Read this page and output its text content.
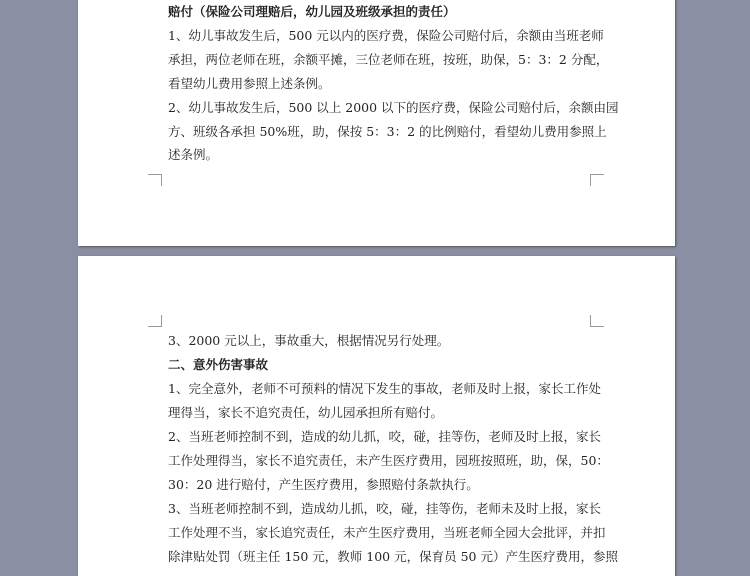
赔付（保险公司理赔后，幼儿园及班级承担的责任）
1、幼儿事故发生后，500 元以内的医疗费，保险公司赔付后，余额由当班老师
承担，两位老师在班，余额平摊，三位老师在班，按班，助保，5：3：2 分配，
看望幼儿费用参照上述条例。
2、幼儿事故发生后，500 以上 2000 以下的医疗费，保险公司赔付后，余额由园
方、班级各承担 50%班，助，保按 5：3：2 的比例赔付，看望幼儿费用参照上
述条例。
3、2000 元以上，事故重大，根据情况另行处理。
二、意外伤害事故
1、完全意外，老师不可预料的情况下发生的事故，老师及时上报，家长工作处
理得当，家长不追究责任，幼儿园承担所有赔付。
2、当班老师控制不到，造成的幼儿抓，咬，碰，挂等伤，老师及时上报，家长
工作处理得当，家长不追究责任，未产生医疗费用，园班按照班，助，保，50：
30：20 进行赔付，产生医疗费用，参照赔付条款执行。
3、当班老师控制不到，造成幼儿抓，咬，碰，挂等伤，老师未及时上报，家长
工作处理不当，家长追究责任，未产生医疗费用，当班老师全园大会批评，并扣
除津贴处罚（班主任 150 元，教师 100 元，保育员 50 元）产生医疗费用，参照
